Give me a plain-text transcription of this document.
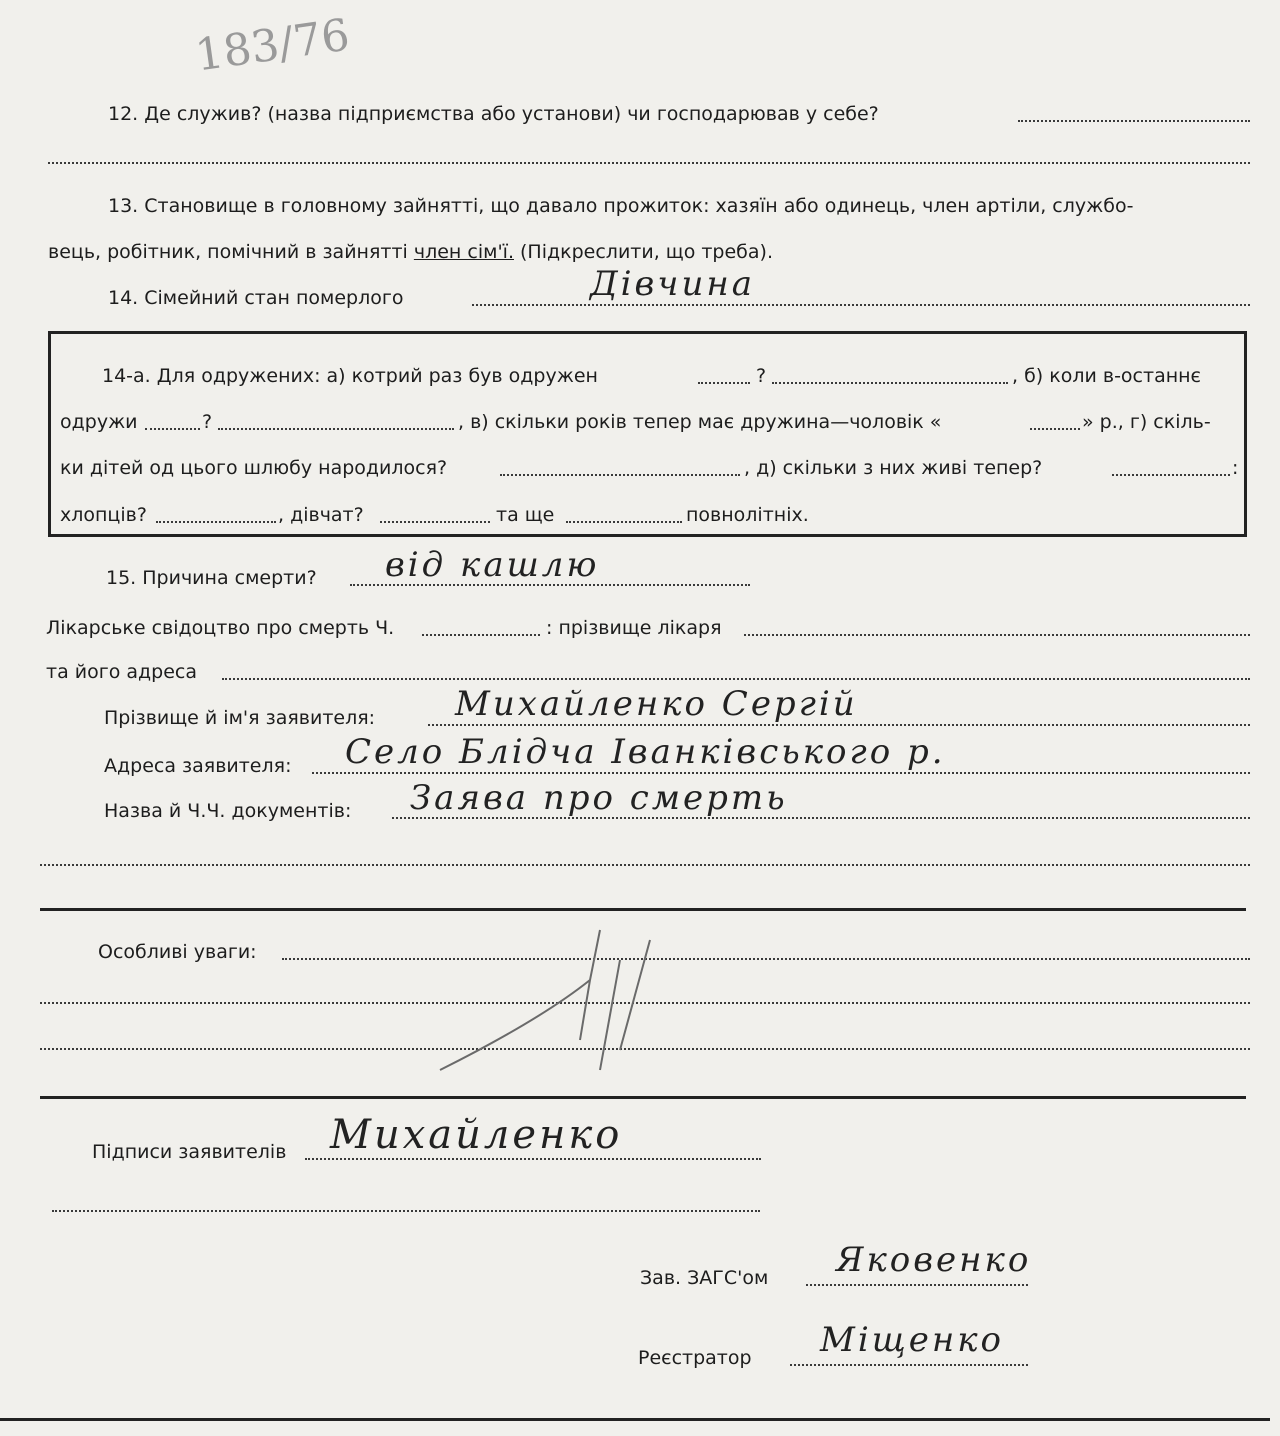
183/76
12. Де служив? (назва підприємства або установи) чи господарював у себе?
13. Становище в головному зайнятті, що давало прожиток: хазяїн або одинець, член артіли, службо-
вець, робітник, помічний в зайнятті член сім'ї. (Підкреслити, що треба).
14. Сімейний стан померлого	Дівчина
14-а. Для одружених: а) котрий раз був одружен	?	, б) коли в-останнє
одружи	?	, в) скільки років тепер має дружина—чоловік «	» р., г) скіль-
ки дітей од цього шлюбу народилося?	, д) скільки з них живі тепер?	:
хлопців?	, дівчат?	та ще	повнолітніх.
15. Причина смерти? від кашлю
Лікарське свідоцтво про смерть Ч.	: прізвище лікаря
та його адреса
Прізвище й ім'я заявителя: Михайленко Сергій
Адреса заявителя: Село Блідча Іванківського р.
Назва й Ч.Ч. документів: Заява про смерть
Особливі уваги:
Підписи заявителів Михайленко
Зав. ЗАГС'ом Яковенко
Реєстратор Міщенко
